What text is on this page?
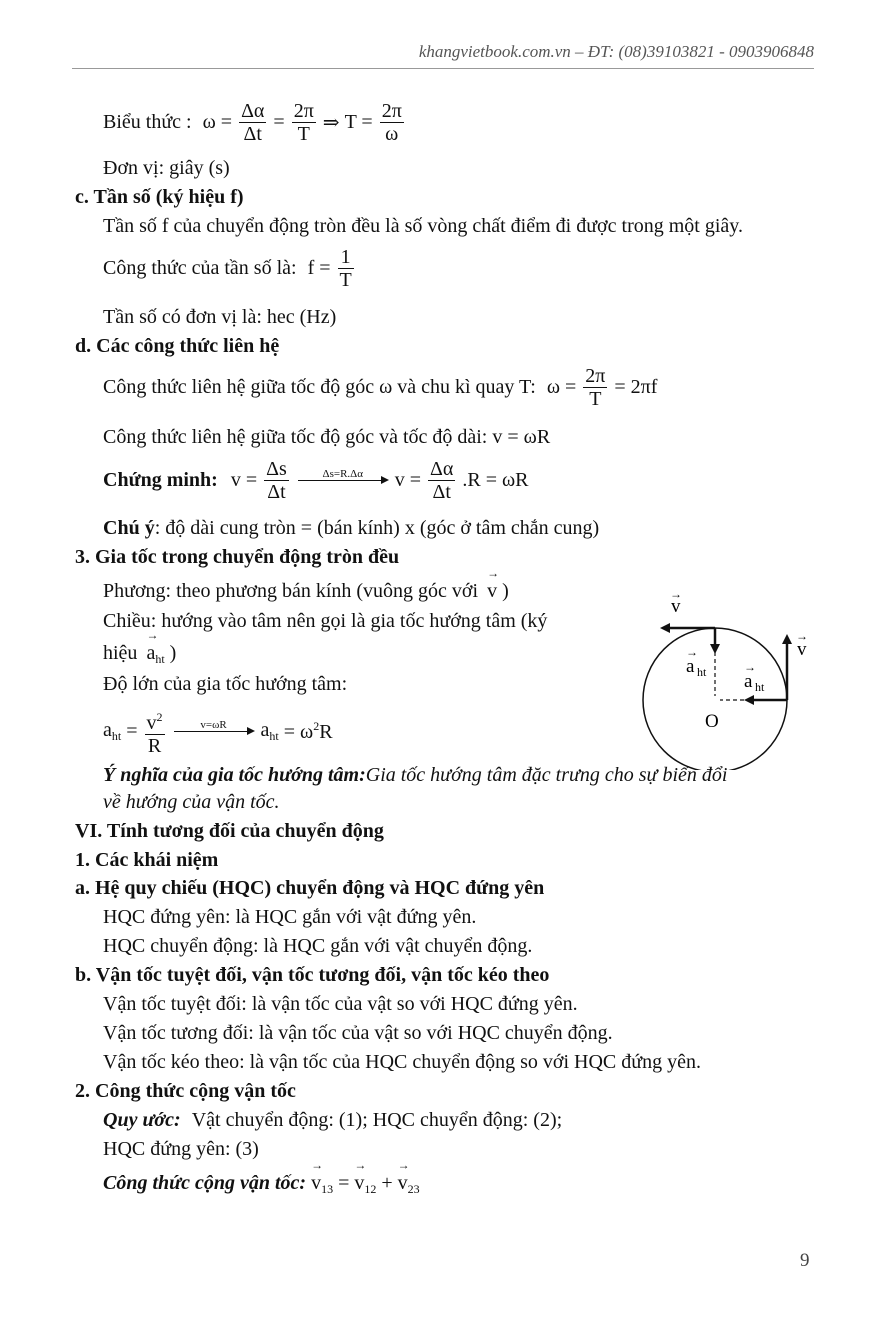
khangvietbook.com.vn – ĐT: (08)39103821 - 0903906848
Biểu thức : $\omega = \frac{\Delta\alpha}{\Delta t} = \frac{2\pi}{T}$ ⇒ $T = \frac{2\pi}{\omega}$
Đơn vị: giây (s)
c. Tần số (ký hiệu f)
Tần số f của chuyển động tròn đều là số vòng chất điểm đi được trong một giây.
Công thức của tần số là: $f = \frac{1}{T}$
Tần số có đơn vị là: hec (Hz)
d. Các công thức liên hệ
Công thức liên hệ giữa tốc độ góc ω và chu kì quay T: $\omega = \frac{2\pi}{T} = 2\pi f$
Công thức liên hệ giữa tốc độ góc và tốc độ dài: v = ωR
Chứng minh: $v = \frac{\Delta s}{\Delta t}$
	Δs=R.Δα
	$v = \frac{\Delta\alpha}{\Delta t} .R = \omega R$
Chú ý: độ dài cung tròn = (bán kính) x (góc ở tâm chắn cung)
3. Gia tốc trong chuyển động tròn đều
Phương: theo phương bán kính (vuông góc với → v )
Chiều: hướng vào tâm nên gọi là gia tốc hướng tâm (ký
hiệu → $a_{ht}$ )
Độ lớn của gia tốc hướng tâm:
$a_{ht} = \frac{v^2}{R}$
	v=ωR
	$a_{ht} = \omega^2R$
v
→
v
→
a ht
→
a ht
→
O
Ý nghĩa của gia tốc hướng tâm:Gia tốc hướng tâm đặc trưng cho sự biến đổi
về hướng của vận tốc.
VI. Tính tương đối của chuyển động
1. Các khái niệm
a. Hệ quy chiếu (HQC) chuyển động và HQC đứng yên
HQC đứng yên: là HQC gắn với vật đứng yên.
HQC chuyển động: là HQC gắn với vật chuyển động.
b. Vận tốc tuyệt đối, vận tốc tương đối, vận tốc kéo theo
Vận tốc tuyệt đối: là vận tốc của vật so với HQC đứng yên.
Vận tốc tương đối: là vận tốc của vật so với HQC chuyển động.
Vận tốc kéo theo: là vận tốc của HQC chuyển động so với HQC đứng yên.
2. Công thức cộng vận tốc
Quy ước: Vật chuyển động: (1); HQC chuyển động: (2);
HQC đứng yên: (3)
Công thức cộng vận tốc: → $v_{13}$ = → $v_{12}$ + → $v_{23}$
9
